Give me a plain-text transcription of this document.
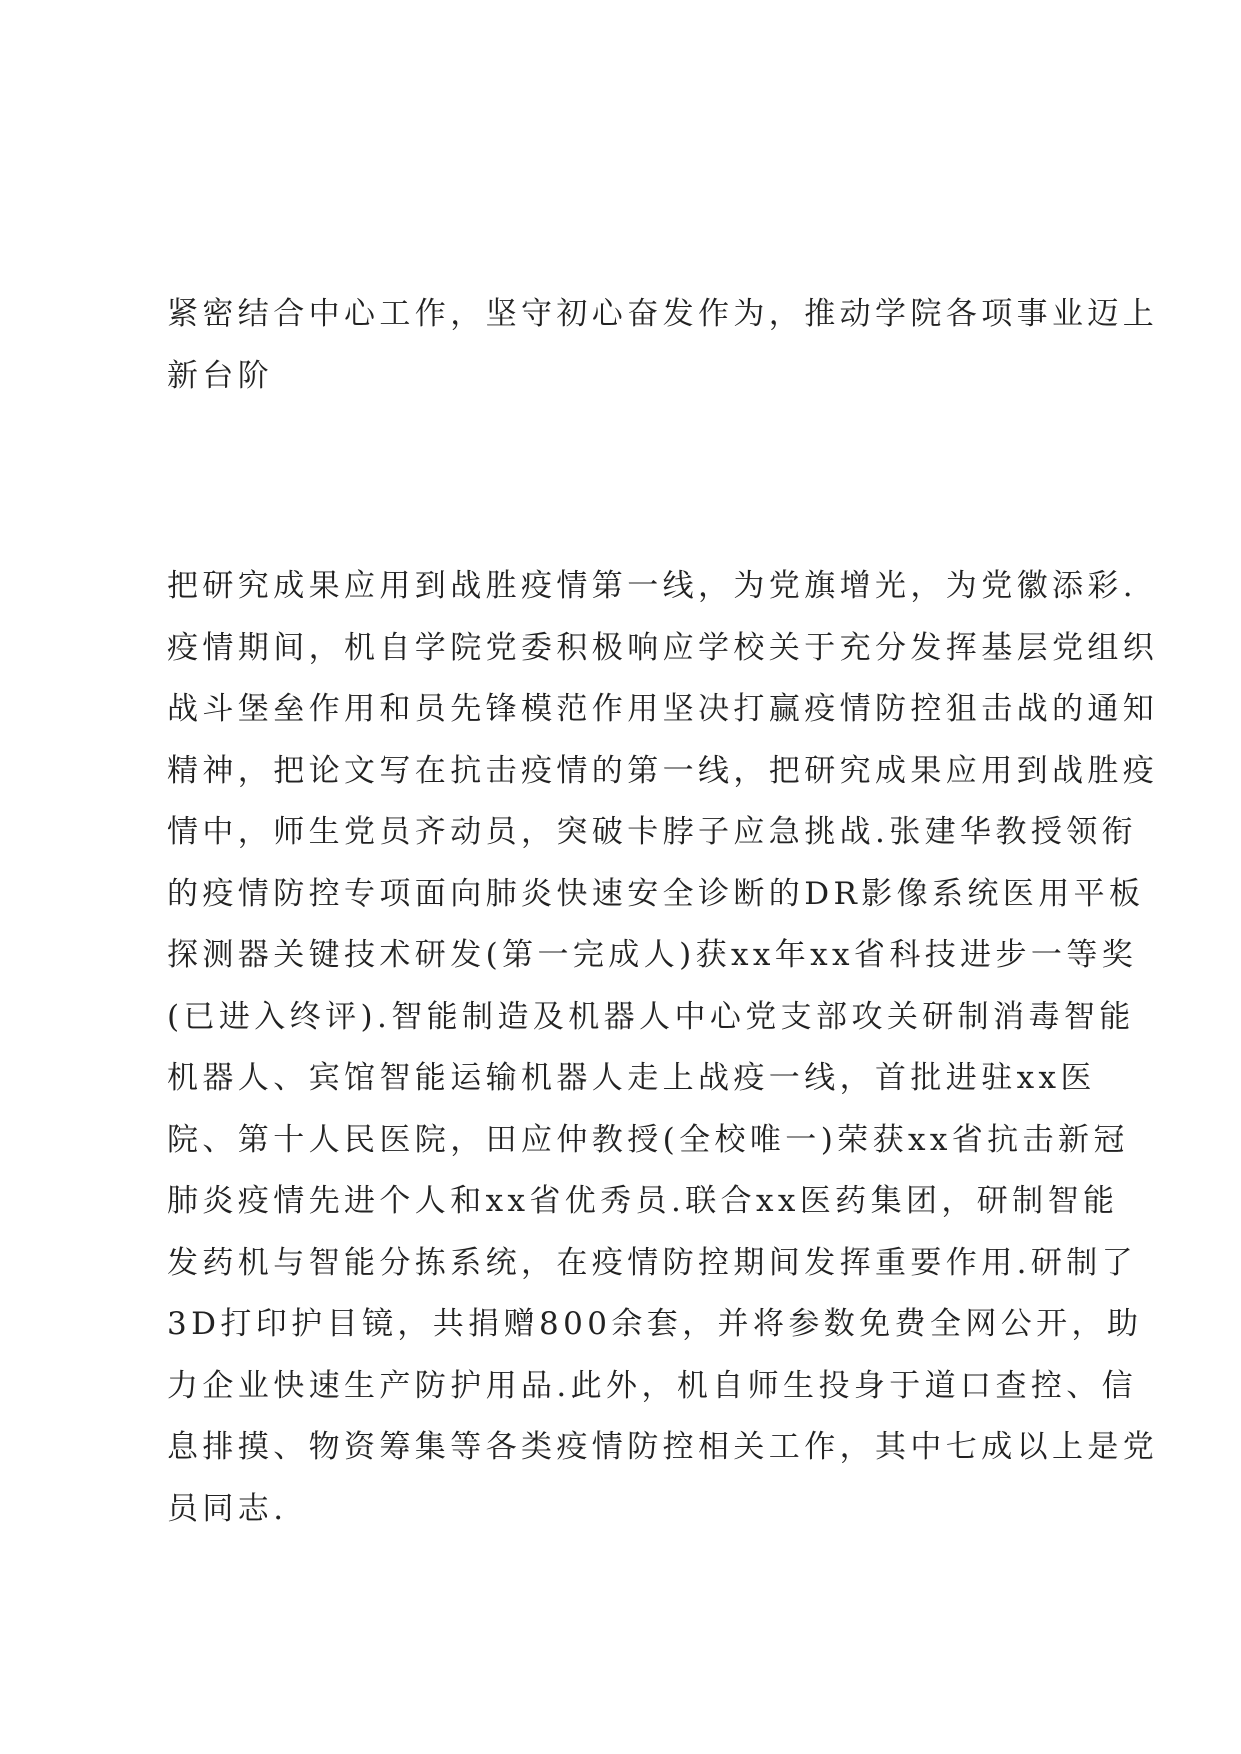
紧密结合中心工作，坚守初心奋发作为，推动学院各项事业迈上
新台阶
把研究成果应用到战胜疫情第一线，为党旗增光，为党徽添彩.
疫情期间，机自学院党委积极响应学校关于充分发挥基层党组织
战斗堡垒作用和员先锋模范作用坚决打赢疫情防控狙击战的通知
精神，把论文写在抗击疫情的第一线，把研究成果应用到战胜疫
情中，师生党员齐动员，突破卡脖子应急挑战.张建华教授领衔
的疫情防控专项面向肺炎快速安全诊断的DR影像系统医用平板
探测器关键技术研发(第一完成人)获xx年xx省科技进步一等奖
(已进入终评).智能制造及机器人中心党支部攻关研制消毒智能
机器人、宾馆智能运输机器人走上战疫一线，首批进驻xx医
院、第十人民医院，田应仲教授(全校唯一)荣获xx省抗击新冠
肺炎疫情先进个人和xx省优秀员.联合xx医药集团，研制智能
发药机与智能分拣系统，在疫情防控期间发挥重要作用.研制了
3D打印护目镜，共捐赠800余套，并将参数免费全网公开，助
力企业快速生产防护用品.此外，机自师生投身于道口查控、信
息排摸、物资筹集等各类疫情防控相关工作，其中七成以上是党
员同志.
